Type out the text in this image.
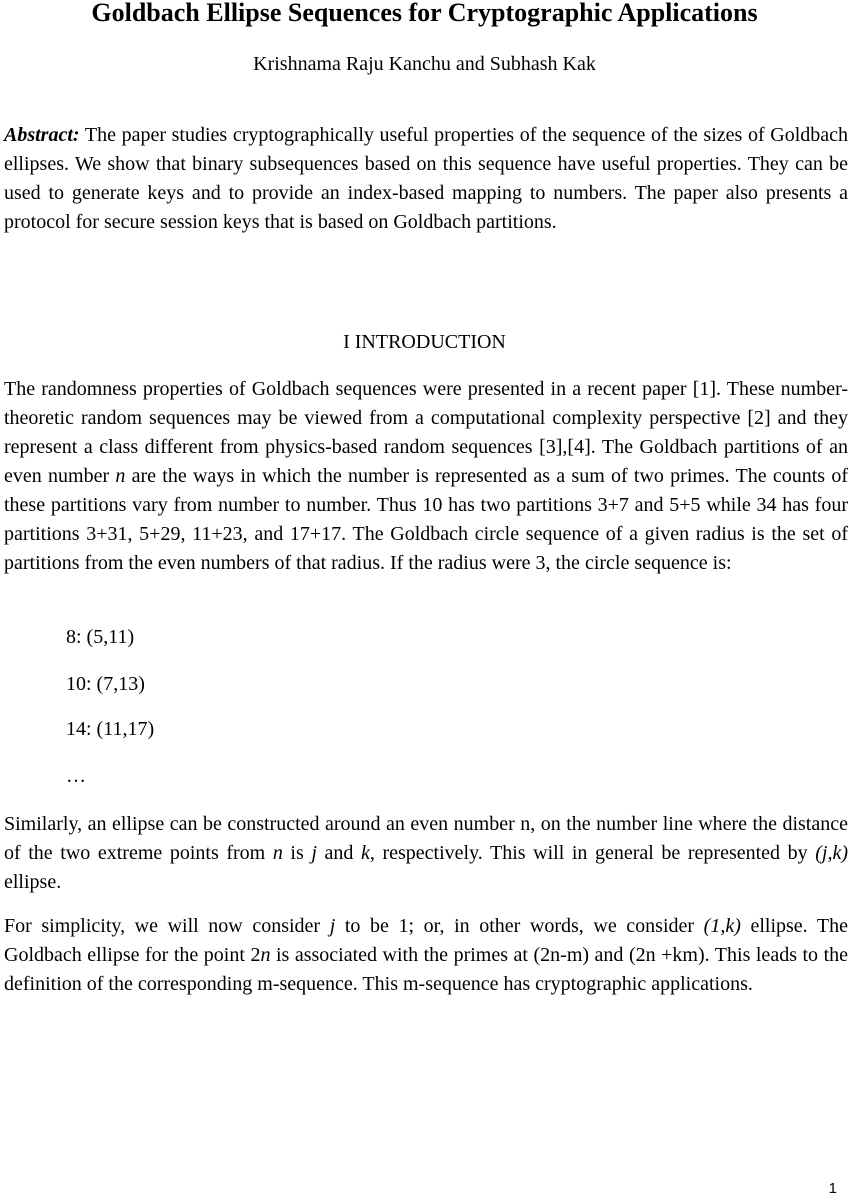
Goldbach Ellipse Sequences for Cryptographic Applications
Krishnama Raju Kanchu and Subhash Kak
Abstract: The paper studies cryptographically useful properties of the sequence of the sizes of Goldbach ellipses. We show that binary subsequences based on this sequence have useful properties. They can be used to generate keys and to provide an index-based mapping to numbers. The paper also presents a protocol for secure session keys that is based on Goldbach partitions.
I INTRODUCTION
The randomness properties of Goldbach sequences were presented in a recent paper [1]. These number-theoretic random sequences may be viewed from a computational complexity perspective [2] and they represent a class different from physics-based random sequences [3],[4]. The Goldbach partitions of an even number n are the ways in which the number is represented as a sum of two primes. The counts of these partitions vary from number to number. Thus 10 has two partitions 3+7 and 5+5 while 34 has four partitions 3+31, 5+29, 11+23, and 17+17. The Goldbach circle sequence of a given radius is the set of partitions from the even numbers of that radius. If the radius were 3, the circle sequence is:
8: (5,11)
10: (7,13)
14: (11,17)
…
Similarly, an ellipse can be constructed around an even number n, on the number line where the distance of the two extreme points from n is j and k, respectively. This will in general be represented by (j,k) ellipse.
For simplicity, we will now consider j to be 1; or, in other words, we consider (1,k) ellipse. The Goldbach ellipse for the point 2n is associated with the primes at (2n-m) and (2n +km). This leads to the definition of the corresponding m-sequence. This m-sequence has cryptographic applications.
1
